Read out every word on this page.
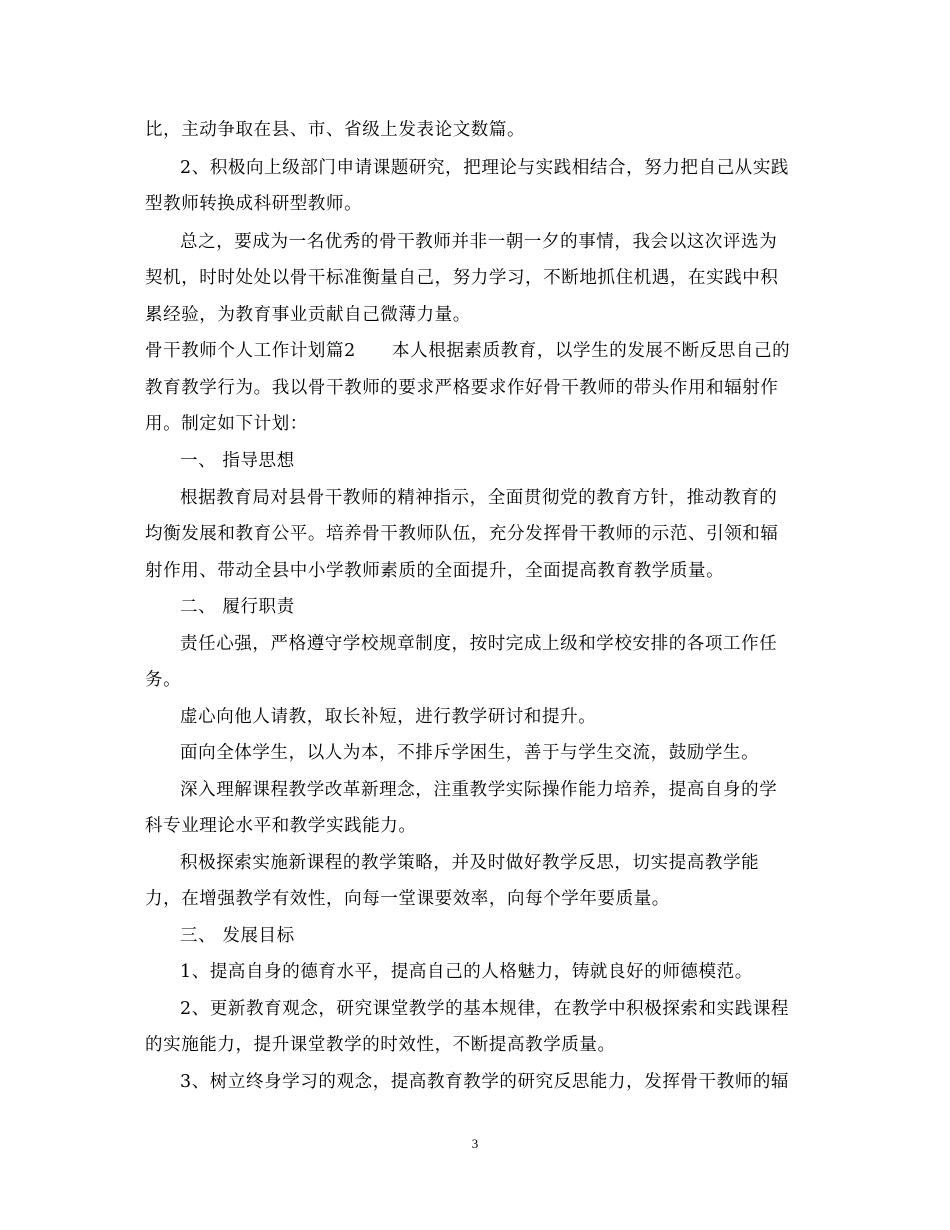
比，主动争取在县、市、省级上发表论文数篇。
2、积极向上级部门申请课题研究，把理论与实践相结合，努力把自己从实践
型教师转换成科研型教师。
总之，要成为一名优秀的骨干教师并非一朝一夕的事情，我会以这次评选为
契机，时时处处以骨干标准衡量自己，努力学习，不断地抓住机遇，在实践中积
累经验，为教育事业贡献自己微薄力量。
骨干教师个人工作计划篇2　　本人根据素质教育，以学生的发展不断反思自己的
教育教学行为。我以骨干教师的要求严格要求作好骨干教师的带头作用和辐射作
用。制定如下计划：
一、 指导思想
根据教育局对县骨干教师的精神指示，全面贯彻党的教育方针，推动教育的
均衡发展和教育公平。培养骨干教师队伍，充分发挥骨干教师的示范、引领和辐
射作用、带动全县中小学教师素质的全面提升，全面提高教育教学质量。
二、 履行职责
责任心强，严格遵守学校规章制度，按时完成上级和学校安排的各项工作任
务。
虚心向他人请教，取长补短，进行教学研讨和提升。
面向全体学生，以人为本，不排斥学困生，善于与学生交流，鼓励学生。
深入理解课程教学改革新理念，注重教学实际操作能力培养，提高自身的学
科专业理论水平和教学实践能力。
积极探索实施新课程的教学策略，并及时做好教学反思，切实提高教学能
力，在增强教学有效性，向每一堂课要效率，向每个学年要质量。
三、 发展目标
1、提高自身的德育水平，提高自己的人格魅力，铸就良好的师德模范。
2、更新教育观念，研究课堂教学的基本规律，在教学中积极探索和实践课程
的实施能力，提升课堂教学的时效性，不断提高教学质量。
3、树立终身学习的观念，提高教育教学的研究反思能力，发挥骨干教师的辐
3
